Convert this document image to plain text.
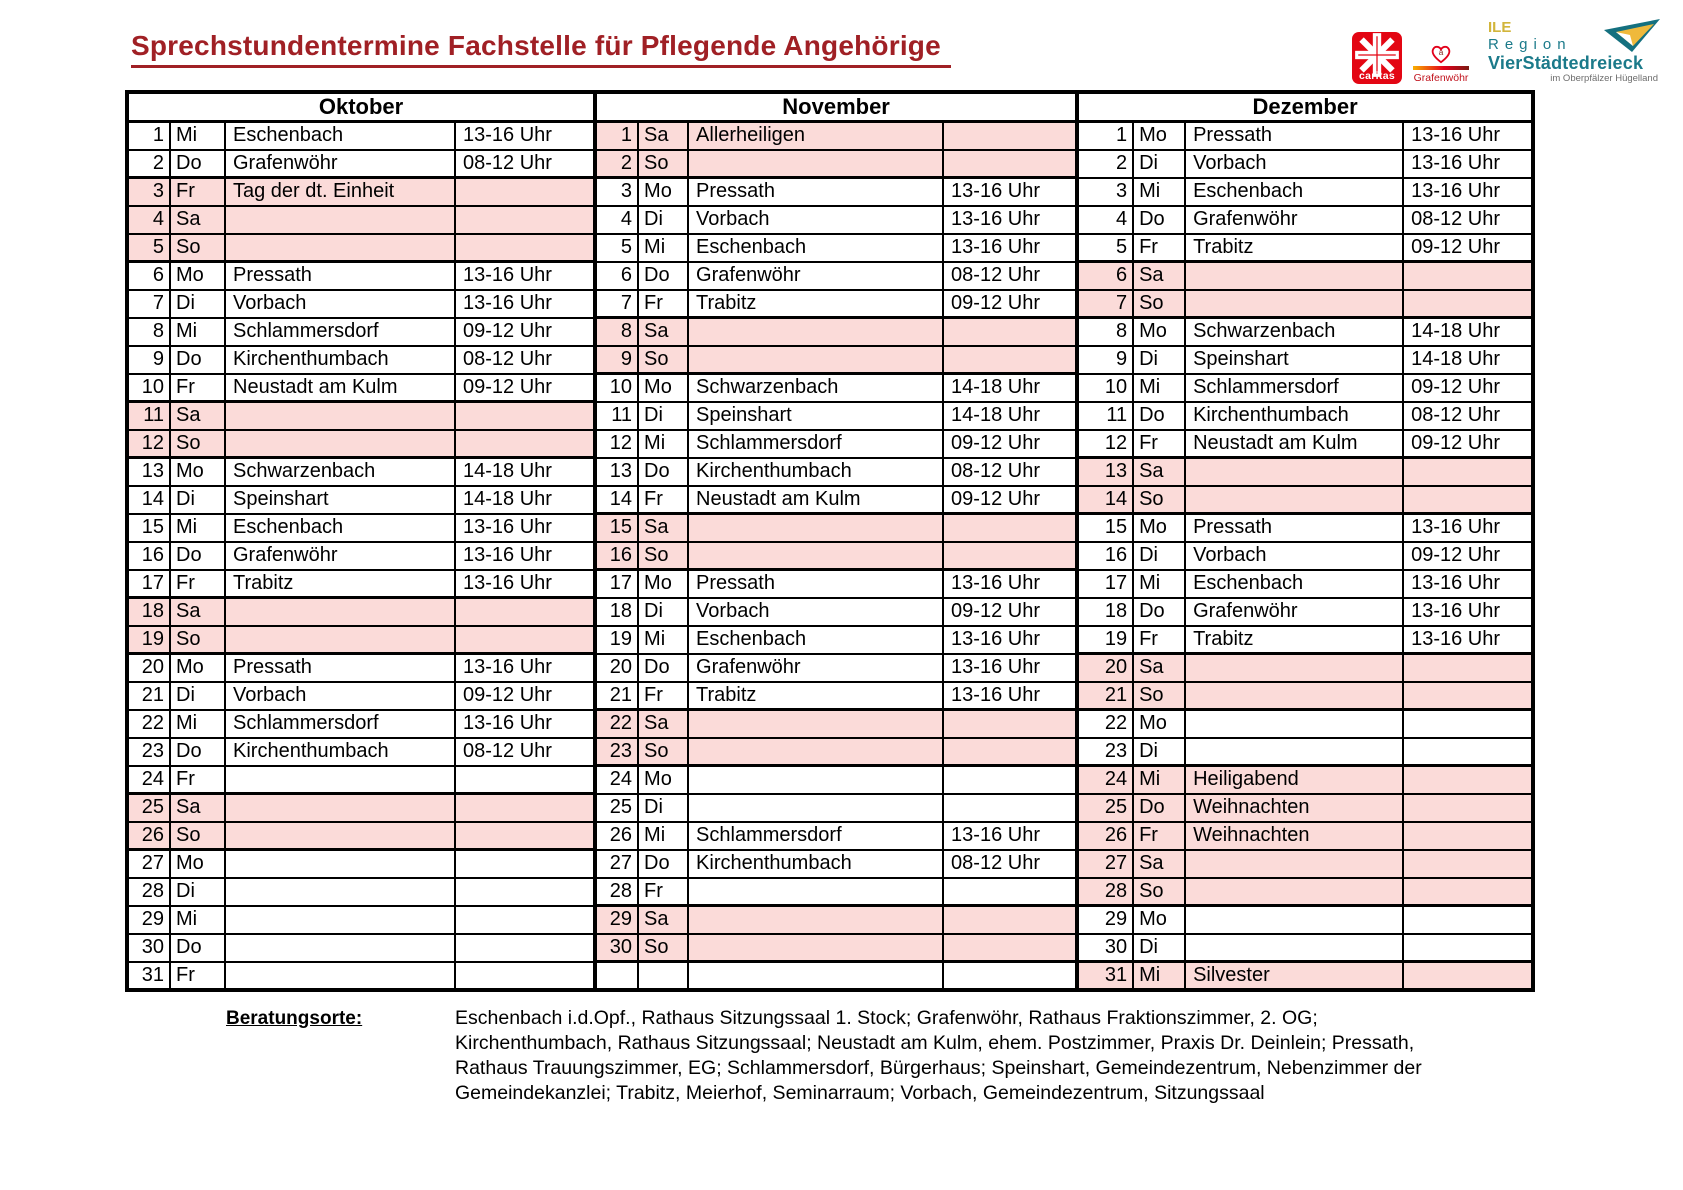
Sprechstundentermine Fachstelle für Pflegende Angehörige
caritas
a
Grafenwöhr
ILE
Region
VierStädtedreieck
im Oberpfälzer Hügelland
Oktober				November				Dezember			
1	Mi	Eschenbach	13-16 Uhr	1	Sa	Allerheiligen		1	Mo	Pressath	13-16 Uhr
2	Do	Grafenwöhr	08-12 Uhr	2	So			2	Di	Vorbach	13-16 Uhr
3	Fr	Tag der dt. Einheit		3	Mo	Pressath	13-16 Uhr	3	Mi	Eschenbach	13-16 Uhr
4	Sa			4	Di	Vorbach	13-16 Uhr	4	Do	Grafenwöhr	08-12 Uhr
5	So			5	Mi	Eschenbach	13-16 Uhr	5	Fr	Trabitz	09-12 Uhr
6	Mo	Pressath	13-16 Uhr	6	Do	Grafenwöhr	08-12 Uhr	6	Sa		
7	Di	Vorbach	13-16 Uhr	7	Fr	Trabitz	09-12 Uhr	7	So		
8	Mi	Schlammersdorf	09-12 Uhr	8	Sa			8	Mo	Schwarzenbach	14-18 Uhr
9	Do	Kirchenthumbach	08-12 Uhr	9	So			9	Di	Speinshart	14-18 Uhr
10	Fr	Neustadt am Kulm	09-12 Uhr	10	Mo	Schwarzenbach	14-18 Uhr	10	Mi	Schlammersdorf	09-12 Uhr
11	Sa			11	Di	Speinshart	14-18 Uhr	11	Do	Kirchenthumbach	08-12 Uhr
12	So			12	Mi	Schlammersdorf	09-12 Uhr	12	Fr	Neustadt am Kulm	09-12 Uhr
13	Mo	Schwarzenbach	14-18 Uhr	13	Do	Kirchenthumbach	08-12 Uhr	13	Sa		
14	Di	Speinshart	14-18 Uhr	14	Fr	Neustadt am Kulm	09-12 Uhr	14	So		
15	Mi	Eschenbach	13-16 Uhr	15	Sa			15	Mo	Pressath	13-16 Uhr
16	Do	Grafenwöhr	13-16 Uhr	16	So			16	Di	Vorbach	09-12 Uhr
17	Fr	Trabitz	13-16 Uhr	17	Mo	Pressath	13-16 Uhr	17	Mi	Eschenbach	13-16 Uhr
18	Sa			18	Di	Vorbach	09-12 Uhr	18	Do	Grafenwöhr	13-16 Uhr
19	So			19	Mi	Eschenbach	13-16 Uhr	19	Fr	Trabitz	13-16 Uhr
20	Mo	Pressath	13-16 Uhr	20	Do	Grafenwöhr	13-16 Uhr	20	Sa		
21	Di	Vorbach	09-12 Uhr	21	Fr	Trabitz	13-16 Uhr	21	So		
22	Mi	Schlammersdorf	13-16 Uhr	22	Sa			22	Mo		
23	Do	Kirchenthumbach	08-12 Uhr	23	So			23	Di		
24	Fr			24	Mo			24	Mi	Heiligabend	
25	Sa			25	Di			25	Do	Weihnachten	
26	So			26	Mi	Schlammersdorf	13-16 Uhr	26	Fr	Weihnachten	
27	Mo			27	Do	Kirchenthumbach	08-12 Uhr	27	Sa		
28	Di			28	Fr			28	So		
29	Mi			29	Sa			29	Mo		
30	Do			30	So			30	Di		
31	Fr							31	Mi	Silvester	
Beratungsorte:	Eschenbach i.d.Opf., Rathaus Sitzungssaal 1. Stock; Grafenwöhr, Rathaus Fraktionszimmer, 2. OG; Kirchenthumbach, Rathaus Sitzungssaal; Neustadt am Kulm, ehem. Postzimmer, Praxis Dr. Deinlein; Pressath, Rathaus Trauungszimmer, EG; Schlammersdorf, Bürgerhaus; Speinshart, Gemeindezentrum, Nebenzimmer der Gemeindekanzlei; Trabitz, Meierhof, Seminarraum; Vorbach, Gemeindezentrum, Sitzungssaal
